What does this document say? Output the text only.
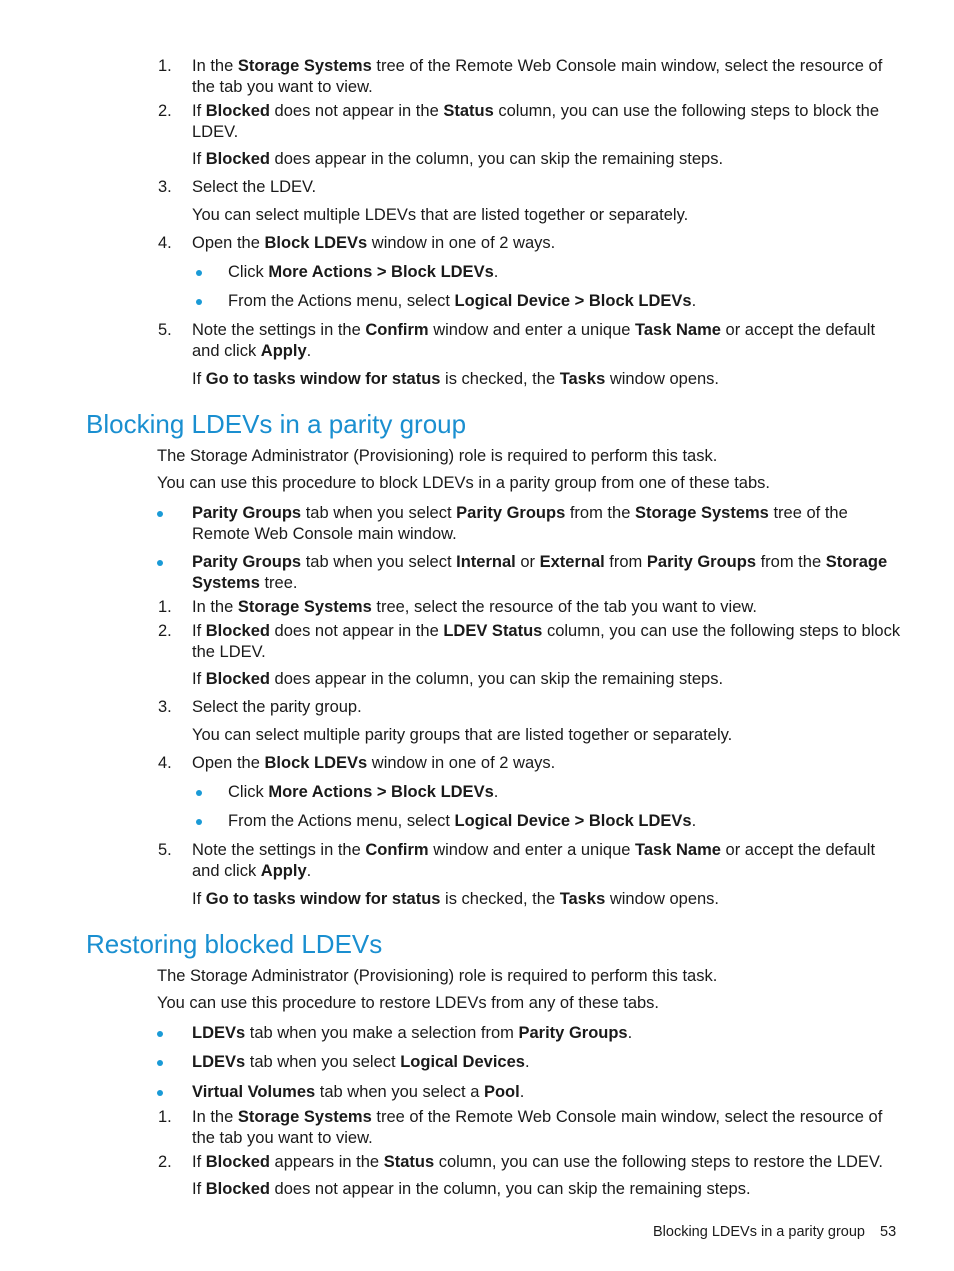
1. In the Storage Systems tree of the Remote Web Console main window, select the resource of the tab you want to view.
2. If Blocked does not appear in the Status column, you can use the following steps to block the LDEV.
If Blocked does appear in the column, you can skip the remaining steps.
3. Select the LDEV.
You can select multiple LDEVs that are listed together or separately.
4. Open the Block LDEVs window in one of 2 ways.
Click More Actions > Block LDEVs.
From the Actions menu, select Logical Device > Block LDEVs.
5. Note the settings in the Confirm window and enter a unique Task Name or accept the default and click Apply.
If Go to tasks window for status is checked, the Tasks window opens.
Blocking LDEVs in a parity group
The Storage Administrator (Provisioning) role is required to perform this task.
You can use this procedure to block LDEVs in a parity group from one of these tabs.
Parity Groups tab when you select Parity Groups from the Storage Systems tree of the Remote Web Console main window.
Parity Groups tab when you select Internal or External from Parity Groups from the Storage Systems tree.
1. In the Storage Systems tree, select the resource of the tab you want to view.
2. If Blocked does not appear in the LDEV Status column, you can use the following steps to block the LDEV.
If Blocked does appear in the column, you can skip the remaining steps.
3. Select the parity group.
You can select multiple parity groups that are listed together or separately.
4. Open the Block LDEVs window in one of 2 ways.
Click More Actions > Block LDEVs.
From the Actions menu, select Logical Device > Block LDEVs.
5. Note the settings in the Confirm window and enter a unique Task Name or accept the default and click Apply.
If Go to tasks window for status is checked, the Tasks window opens.
Restoring blocked LDEVs
The Storage Administrator (Provisioning) role is required to perform this task.
You can use this procedure to restore LDEVs from any of these tabs.
LDEVs tab when you make a selection from Parity Groups.
LDEVs tab when you select Logical Devices.
Virtual Volumes tab when you select a Pool.
1. In the Storage Systems tree of the Remote Web Console main window, select the resource of the tab you want to view.
2. If Blocked appears in the Status column, you can use the following steps to restore the LDEV.
If Blocked does not appear in the column, you can skip the remaining steps.
Blocking LDEVs in a parity group 53
